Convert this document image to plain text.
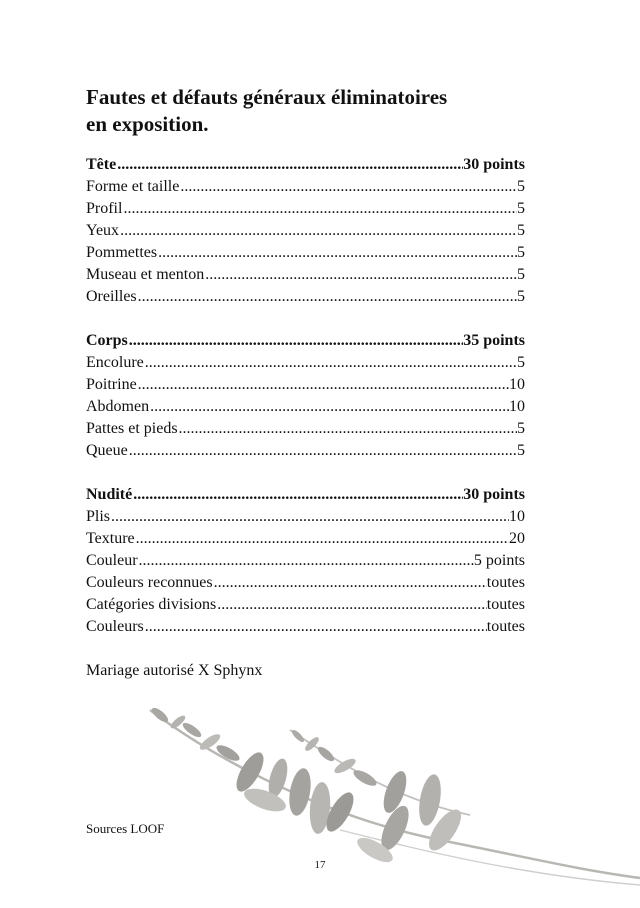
Fautes et défauts généraux éliminatoires
en exposition.
Tête .....	30 points
Forme et taille .....	5
Profil .....	5
Yeux .....	5
Pommettes .....	5
Museau et menton .....	5
Oreilles .....	5
Corps .....	35 points
Encolure .....	5
Poitrine .....	10
Abdomen .....	10
Pattes et pieds .....	5
Queue .....	5
Nudité .....	30 points
Plis .....	10
Texture .....	20
Couleur .....	5 points
Couleurs reconnues .....	toutes
Catégories divisions .....	toutes
Couleurs .....	toutes
Mariage autorisé X Sphynx
Sources LOOF
17
